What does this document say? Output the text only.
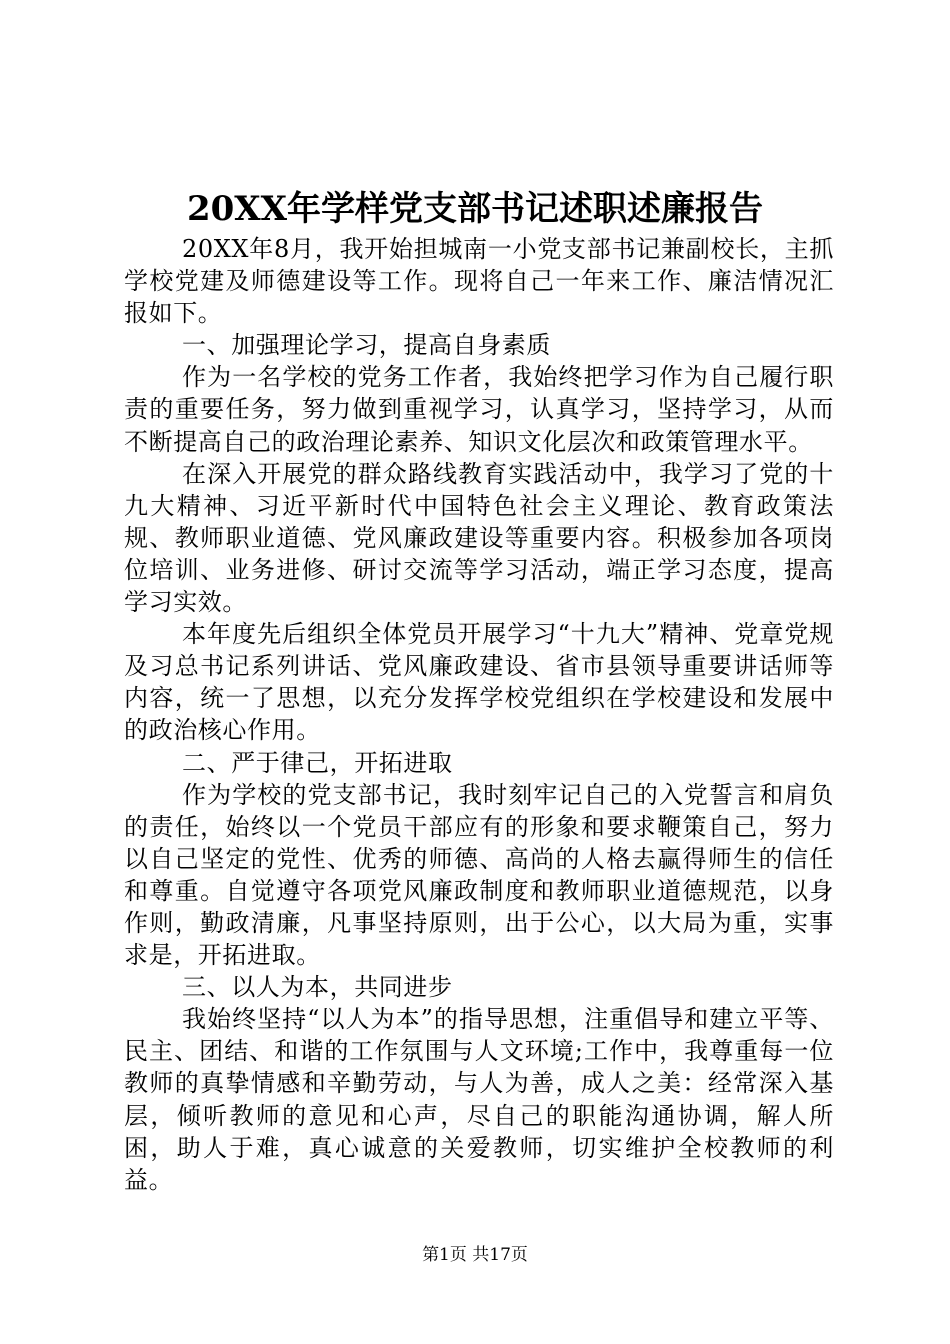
20XX年学样党支部书记述职述廉报告

20XX年8月，我开始担城南一小党支部书记兼副校长，主抓学校党建及师德建设等工作。现将自己一年来工作、廉洁情况汇报如下。

一、加强理论学习，提高自身素质

作为一名学校的党务工作者，我始终把学习作为自己履行职责的重要任务，努力做到重视学习，认真学习，坚持学习，从而不断提高自己的政治理论素养、知识文化层次和政策管理水平。

在深入开展党的群众路线教育实践活动中，我学习了党的十九大精神、习近平新时代中国特色社会主义理论、教育政策法规、教师职业道德、党风廉政建设等重要内容。积极参加各项岗位培训、业务进修、研讨交流等学习活动，端正学习态度，提高学习实效。

本年度先后组织全体党员开展学习“十九大”精神、党章党规及习总书记系列讲话、党风廉政建设、省市县领导重要讲话师等内容，统一了思想，以充分发挥学校党组织在学校建设和发展中的政治核心作用。

二、严于律己，开拓进取

作为学校的党支部书记，我时刻牢记自己的入党誓言和肩负的责任，始终以一个党员干部应有的形象和要求鞭策自己，努力以自己坚定的党性、优秀的师德、高尚的人格去赢得师生的信任和尊重。自觉遵守各项党风廉政制度和教师职业道德规范，以身作则，勤政清廉，凡事坚持原则，出于公心，以大局为重，实事求是，开拓进取。

三、以人为本，共同进步

我始终坚持“以人为本”的指导思想，注重倡导和建立平等、民主、团结、和谐的工作氛围与人文环境;工作中，我尊重每一位教师的真挚情感和辛勤劳动，与人为善，成人之美：经常深入基层，倾听教师的意见和心声，尽自己的职能沟通协调，解人所困，助人于难，真心诚意的关爱教师，切实维护全校教师的利益。

第1页 共17页
